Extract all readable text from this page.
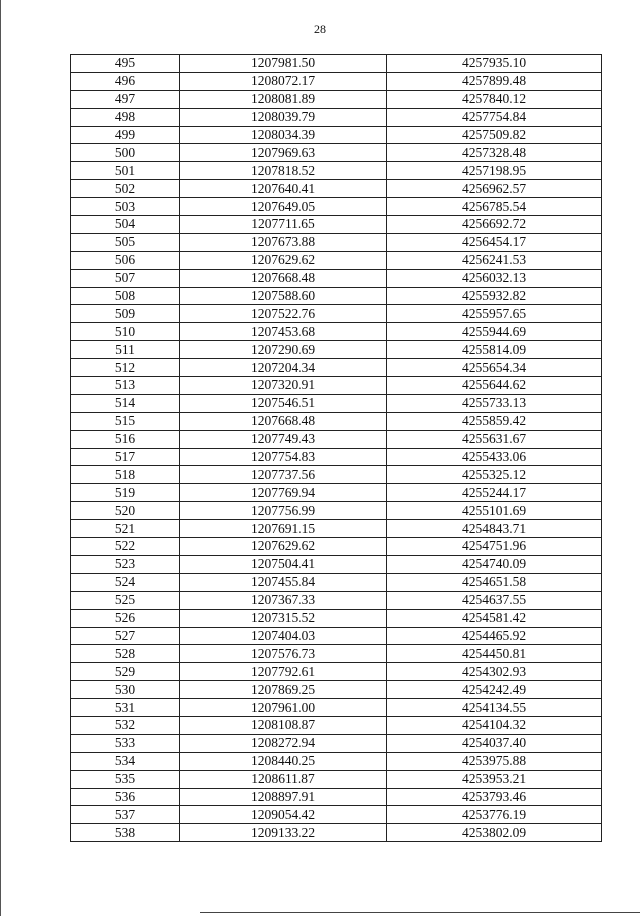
28
495	1207981.50	4257935.10
496	1208072.17	4257899.48
497	1208081.89	4257840.12
498	1208039.79	4257754.84
499	1208034.39	4257509.82
500	1207969.63	4257328.48
501	1207818.52	4257198.95
502	1207640.41	4256962.57
503	1207649.05	4256785.54
504	1207711.65	4256692.72
505	1207673.88	4256454.17
506	1207629.62	4256241.53
507	1207668.48	4256032.13
508	1207588.60	4255932.82
509	1207522.76	4255957.65
510	1207453.68	4255944.69
511	1207290.69	4255814.09
512	1207204.34	4255654.34
513	1207320.91	4255644.62
514	1207546.51	4255733.13
515	1207668.48	4255859.42
516	1207749.43	4255631.67
517	1207754.83	4255433.06
518	1207737.56	4255325.12
519	1207769.94	4255244.17
520	1207756.99	4255101.69
521	1207691.15	4254843.71
522	1207629.62	4254751.96
523	1207504.41	4254740.09
524	1207455.84	4254651.58
525	1207367.33	4254637.55
526	1207315.52	4254581.42
527	1207404.03	4254465.92
528	1207576.73	4254450.81
529	1207792.61	4254302.93
530	1207869.25	4254242.49
531	1207961.00	4254134.55
532	1208108.87	4254104.32
533	1208272.94	4254037.40
534	1208440.25	4253975.88
535	1208611.87	4253953.21
536	1208897.91	4253793.46
537	1209054.42	4253776.19
538	1209133.22	4253802.09
